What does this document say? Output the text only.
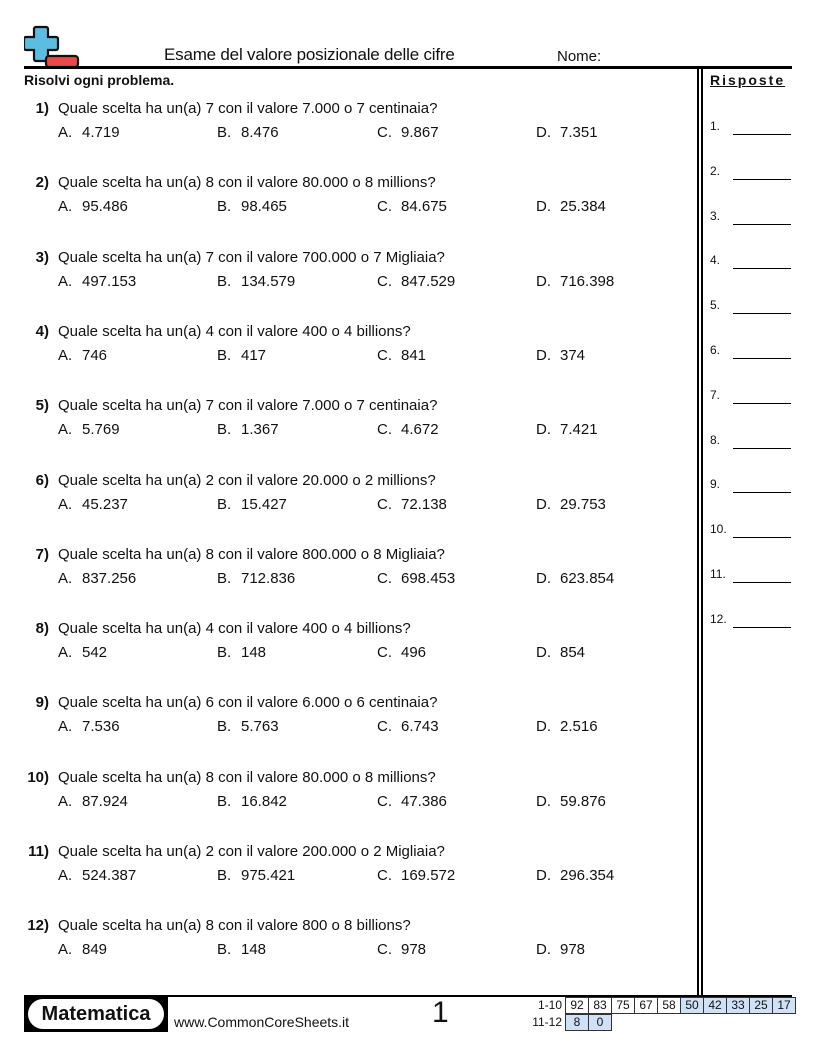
Esame del valore posizionale delle cifre	Nome:
Risolvi ogni problema.	Risposte
1.
2.
3.
4.
5.
6.
7.
8.
9.
10.
11.
12.
1) Quale scelta ha un(a) 7 con il valore 7.000 o 7 centinaia?
A. 4.719	B. 8.476	C. 9.867	D. 7.351
2) Quale scelta ha un(a) 8 con il valore 80.000 o 8 millions?
A. 95.486	B. 98.465	C. 84.675	D. 25.384
3) Quale scelta ha un(a) 7 con il valore 700.000 o 7 Migliaia?
A. 497.153	B. 134.579	C. 847.529	D. 716.398
4) Quale scelta ha un(a) 4 con il valore 400 o 4 billions?
A. 746	B. 417	C. 841	D. 374
5) Quale scelta ha un(a) 7 con il valore 7.000 o 7 centinaia?
A. 5.769	B. 1.367	C. 4.672	D. 7.421
6) Quale scelta ha un(a) 2 con il valore 20.000 o 2 millions?
A. 45.237	B. 15.427	C. 72.138	D. 29.753
7) Quale scelta ha un(a) 8 con il valore 800.000 o 8 Migliaia?
A. 837.256	B. 712.836	C. 698.453	D. 623.854
8) Quale scelta ha un(a) 4 con il valore 400 o 4 billions?
A. 542	B. 148	C. 496	D. 854
9) Quale scelta ha un(a) 6 con il valore 6.000 o 6 centinaia?
A. 7.536	B. 5.763	C. 6.743	D. 2.516
10) Quale scelta ha un(a) 8 con il valore 80.000 o 8 millions?
A. 87.924	B. 16.842	C. 47.386	D. 59.876
11) Quale scelta ha un(a) 2 con il valore 200.000 o 2 Migliaia?
A. 524.387	B. 975.421	C. 169.572	D. 296.354
12) Quale scelta ha un(a) 8 con il valore 800 o 8 billions?
A. 849	B. 148	C. 978	D. 978
Matematica	www.CommonCoreSheets.it	1	1-10 92	83	75	67	58	50	42	33	25	17
11-12 8	0
